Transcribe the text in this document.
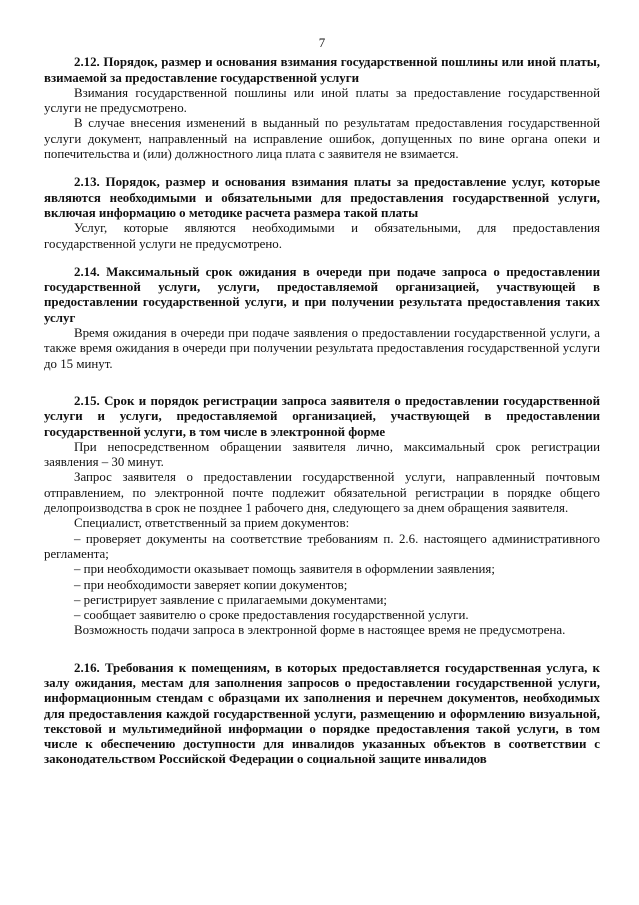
7

2.12. Порядок, размер и основания взимания государственной пошлины или иной платы, взимаемой за предоставление государственной услуги

Взимания государственной пошлины или иной платы за предоставление государственной услуги не предусмотрено.

В случае внесения изменений в выданный по результатам предоставления государственной услуги документ, направленный на исправление ошибок, допущенных по вине органа опеки и попечительства и (или) должностного лица плата с заявителя не взимается.

2.13. Порядок, размер и основания взимания платы за предоставление услуг, которые являются необходимыми и обязательными для предоставления государственной услуги, включая информацию о методике расчета размера такой платы

Услуг, которые являются необходимыми и обязательными, для предоставления государственной услуги не предусмотрено.

2.14. Максимальный срок ожидания в очереди при подаче запроса о предоставлении государственной услуги, услуги, предоставляемой организацией, участвующей в предоставлении государственной услуги, и при получении результата предоставления таких услуг

Время ожидания в очереди при подаче заявления о предоставлении государственной услуги, а также время ожидания в очереди при получении результата предоставления государственной услуги до 15 минут.

2.15. Срок и порядок регистрации запроса заявителя о предоставлении государственной услуги и услуги, предоставляемой организацией, участвующей в предоставлении государственной услуги, в том числе в электронной форме

При непосредственном обращении заявителя лично, максимальный срок регистрации заявления – 30 минут.

Запрос заявителя о предоставлении государственной услуги, направленный почтовым отправлением, по электронной почте подлежит обязательной регистрации в порядке общего делопроизводства в срок не позднее 1 рабочего дня, следующего за днем обращения заявителя.

Специалист, ответственный за прием документов:

– проверяет документы на соответствие требованиям п. 2.6. настоящего административного регламента;

– при необходимости оказывает помощь заявителя в оформлении заявления;

– при необходимости заверяет копии документов;

– регистрирует заявление с прилагаемыми документами;

– сообщает заявителю о сроке предоставления государственной услуги.

Возможность подачи запроса в электронной форме в настоящее время не предусмотрена.

2.16. Требования к помещениям, в которых предоставляется государственная услуга, к залу ожидания, местам для заполнения запросов о предоставлении государственной услуги, информационным стендам с образцами их заполнения и перечнем документов, необходимых для предоставления каждой государственной услуги, размещению и оформлению визуальной, текстовой и мультимедийной информации о порядке предоставления такой услуги, в том числе к обеспечению доступности для инвалидов указанных объектов в соответствии с законодательством Российской Федерации о социальной защите инвалидов
